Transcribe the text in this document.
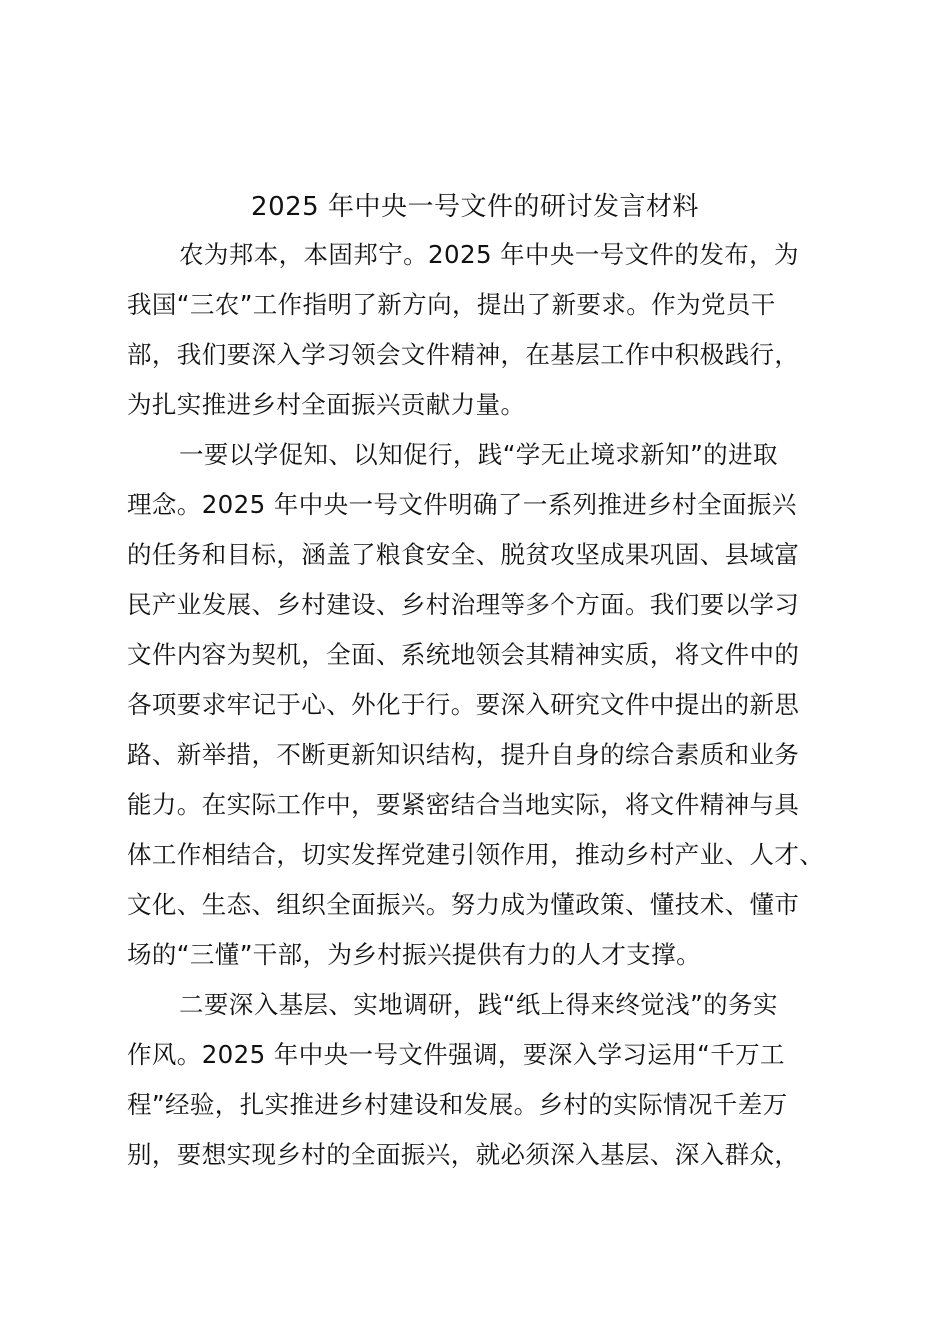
2025 年中央一号文件的研讨发言材料

农为邦本，本固邦宁。2025 年中央一号文件的发布，为

我国“三农”工作指明了新方向，提出了新要求。作为党员干

部，我们要深入学习领会文件精神，在基层工作中积极践行，

为扎实推进乡村全面振兴贡献力量。

一要以学促知、以知促行，践“学无止境求新知”的进取

理念。2025 年中央一号文件明确了一系列推进乡村全面振兴

的任务和目标，涵盖了粮食安全、脱贫攻坚成果巩固、县域富

民产业发展、乡村建设、乡村治理等多个方面。我们要以学习

文件内容为契机，全面、系统地领会其精神实质，将文件中的

各项要求牢记于心、外化于行。要深入研究文件中提出的新思

路、新举措，不断更新知识结构，提升自身的综合素质和业务

能力。在实际工作中，要紧密结合当地实际，将文件精神与具

体工作相结合，切实发挥党建引领作用，推动乡村产业、人才、

文化、生态、组织全面振兴。努力成为懂政策、懂技术、懂市

场的“三懂”干部，为乡村振兴提供有力的人才支撑。

二要深入基层、实地调研，践“纸上得来终觉浅”的务实

作风。2025 年中央一号文件强调，要深入学习运用“千万工

程”经验，扎实推进乡村建设和发展。乡村的实际情况千差万

别，要想实现乡村的全面振兴，就必须深入基层、深入群众，
